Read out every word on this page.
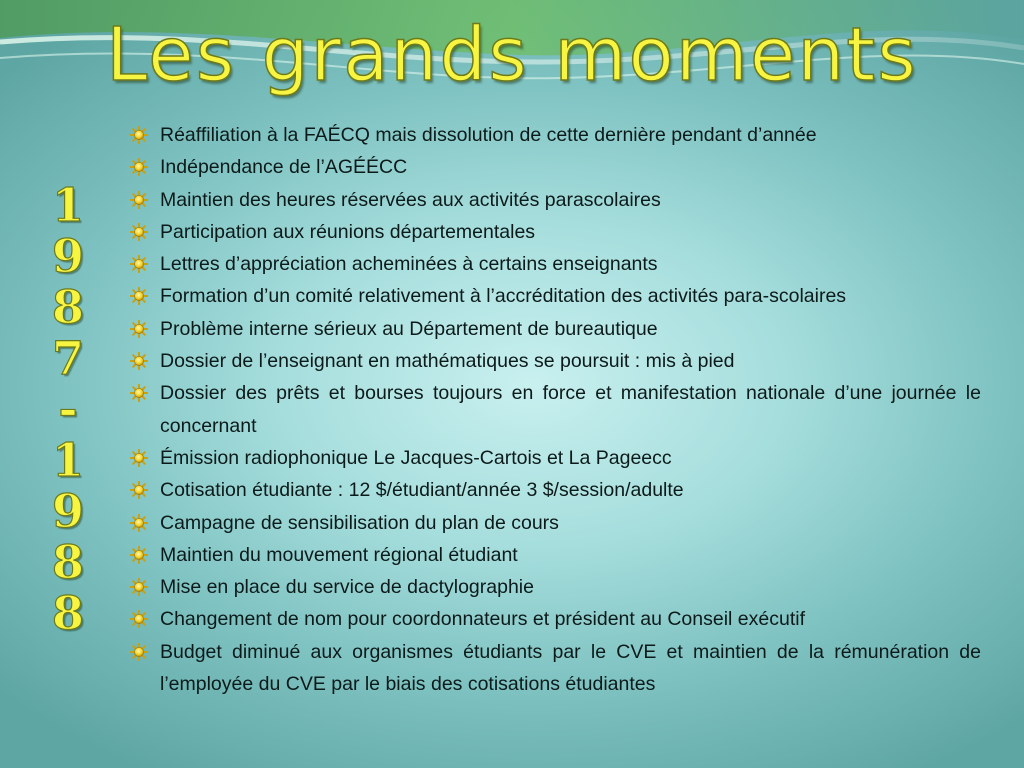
Les grands moments
1
9
8
7
-
1
9
8
8
Réaffiliation à la FAÉCQ mais dissolution de cette dernière pendant d’année
Indépendance de l’AGÉÉCC
Maintien des heures réservées aux activités parascolaires
Participation aux réunions départementales
Lettres d’appréciation acheminées à certains enseignants
Formation d’un comité relativement à l’accréditation des activités para-scolaires
Problème interne sérieux au Département de bureautique
Dossier de l’enseignant en mathématiques se poursuit : mis à pied
Dossier des prêts et bourses toujours en force et manifestation nationale d’une journée le concernant
Émission radiophonique Le Jacques-Cartois et La Pageecc
Cotisation étudiante : 12 $/étudiant/année 3 $/session/adulte
Campagne de sensibilisation du plan de cours
Maintien du mouvement régional étudiant
Mise en place du service de dactylographie
Changement de nom pour coordonnateurs et président au Conseil exécutif
Budget diminué aux organismes étudiants par le CVE et maintien de la rémunération de l’employée du CVE par le biais des cotisations étudiantes
